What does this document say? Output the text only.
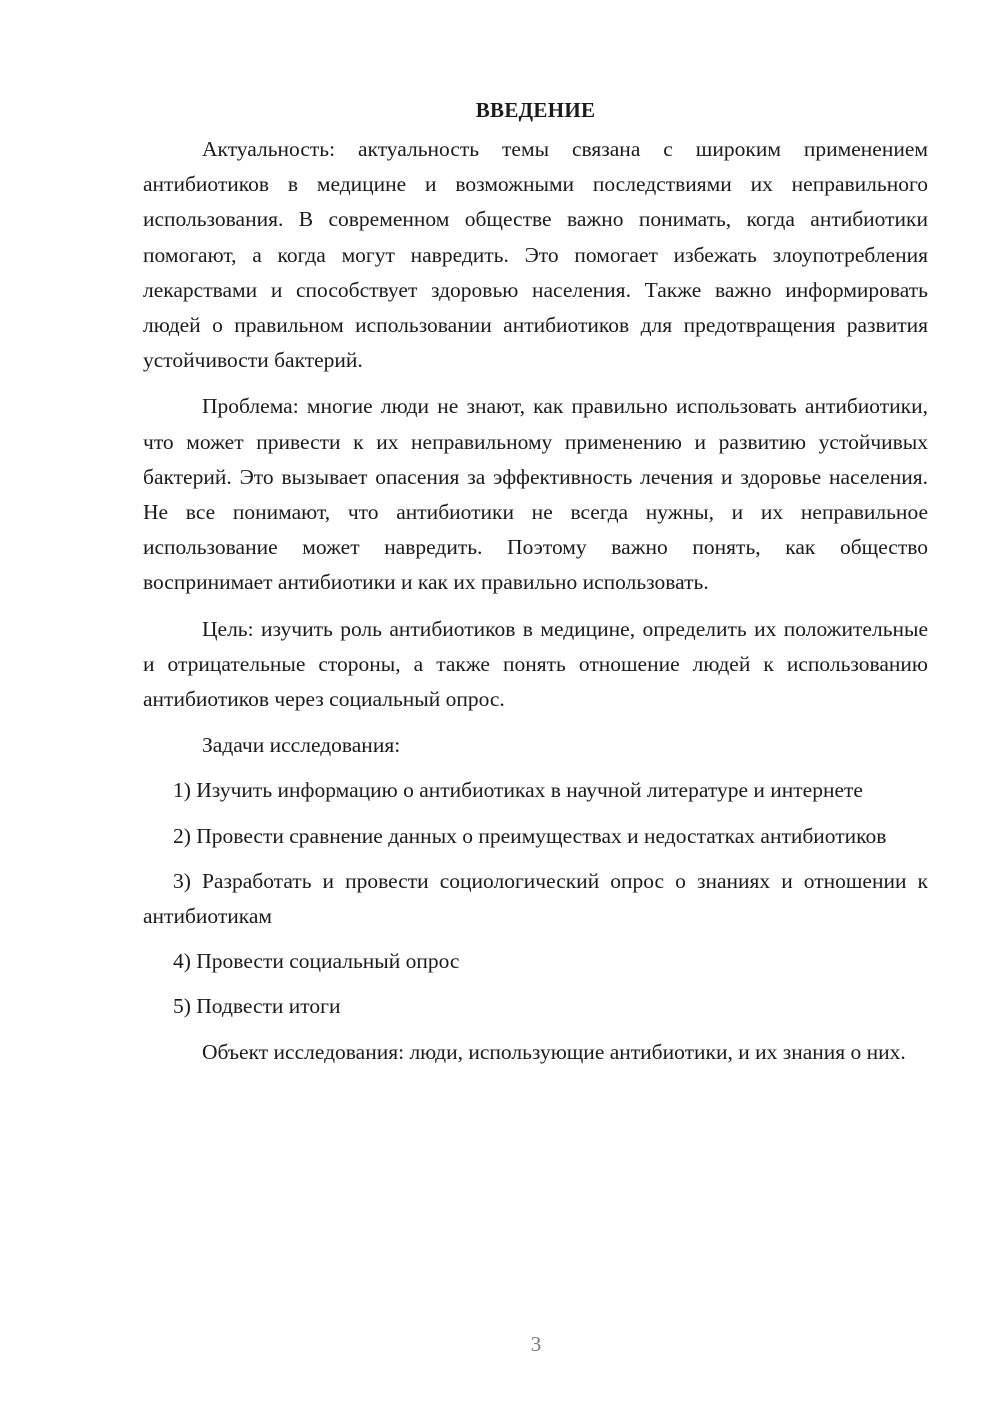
ВВЕДЕНИЕ

Актуальность: актуальность темы связана с широким применением антибиотиков в медицине и возможными последствиями их неправильного использования. В современном обществе важно понимать, когда антибиотики помогают, а когда могут навредить. Это помогает избежать злоупотребления лекарствами и способствует здоровью населения. Также важно информировать людей о правильном использовании антибиотиков для предотвращения развития устойчивости бактерий.

Проблема: многие люди не знают, как правильно использовать антибиотики, что может привести к их неправильному применению и развитию устойчивых бактерий. Это вызывает опасения за эффективность лечения и здоровье населения. Не все понимают, что антибиотики не всегда нужны, и их неправильное использование может навредить. Поэтому важно понять, как общество воспринимает антибиотики и как их правильно использовать.

Цель: изучить роль антибиотиков в медицине, определить их положительные и отрицательные стороны, а также понять отношение людей к использованию антибиотиков через социальный опрос.

Задачи исследования:

1) Изучить информацию о антибиотиках в научной литературе и интернете

2) Провести сравнение данных о преимуществах и недостатках антибиотиков

3) Разработать и провести социологический опрос о знаниях и отношении к антибиотикам

4) Провести социальный опрос

5) Подвести итоги

Объект исследования: люди, использующие антибиотики, и их знания о них.

3
